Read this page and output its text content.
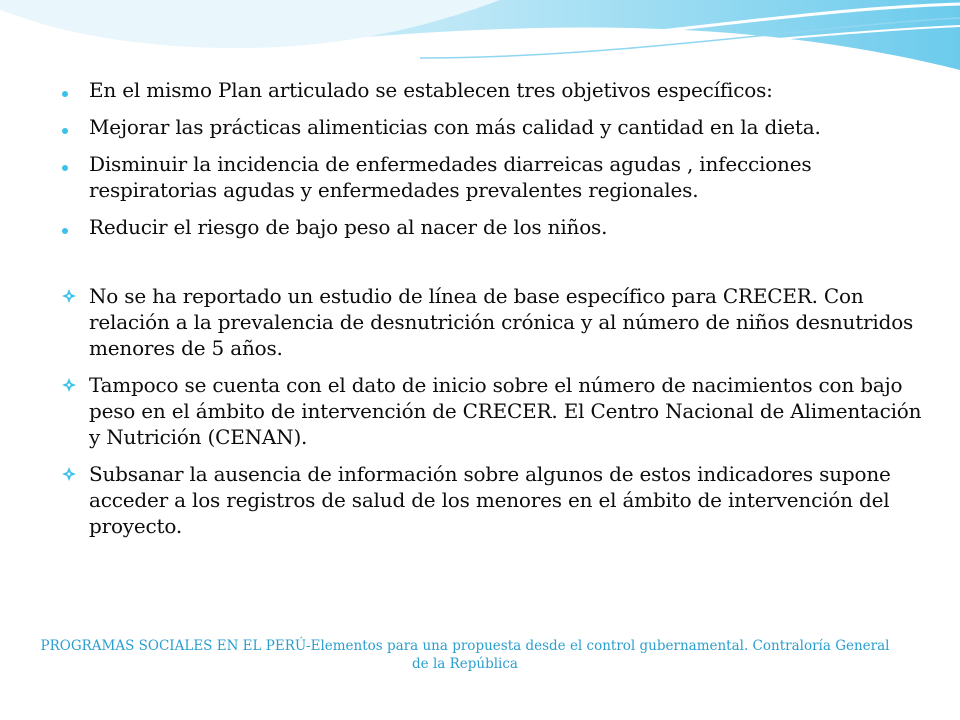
En el mismo Plan articulado se establecen tres objetivos específicos:
Mejorar las prácticas alimenticias con más calidad y cantidad en la dieta.
Disminuir la incidencia de enfermedades diarreicas agudas , infecciones respiratorias agudas y enfermedades prevalentes regionales.
Reducir el riesgo de bajo peso al nacer de los niños.
No se ha reportado un estudio de línea de base específico para CRECER. Con relación a la prevalencia de desnutrición crónica y al número de niños desnutridos menores de 5 años.
Tampoco se cuenta con el dato de inicio sobre el número de nacimientos con bajo peso en el ámbito de intervención de CRECER. El Centro Nacional de Alimentación y Nutrición (CENAN).
Subsanar la ausencia de información sobre algunos de estos indicadores supone acceder a los registros de salud de los menores en el ámbito de intervención del proyecto.
PROGRAMAS SOCIALES EN EL PERÚ-Elementos para una propuesta desde el control gubernamental. Contraloría General de la República
